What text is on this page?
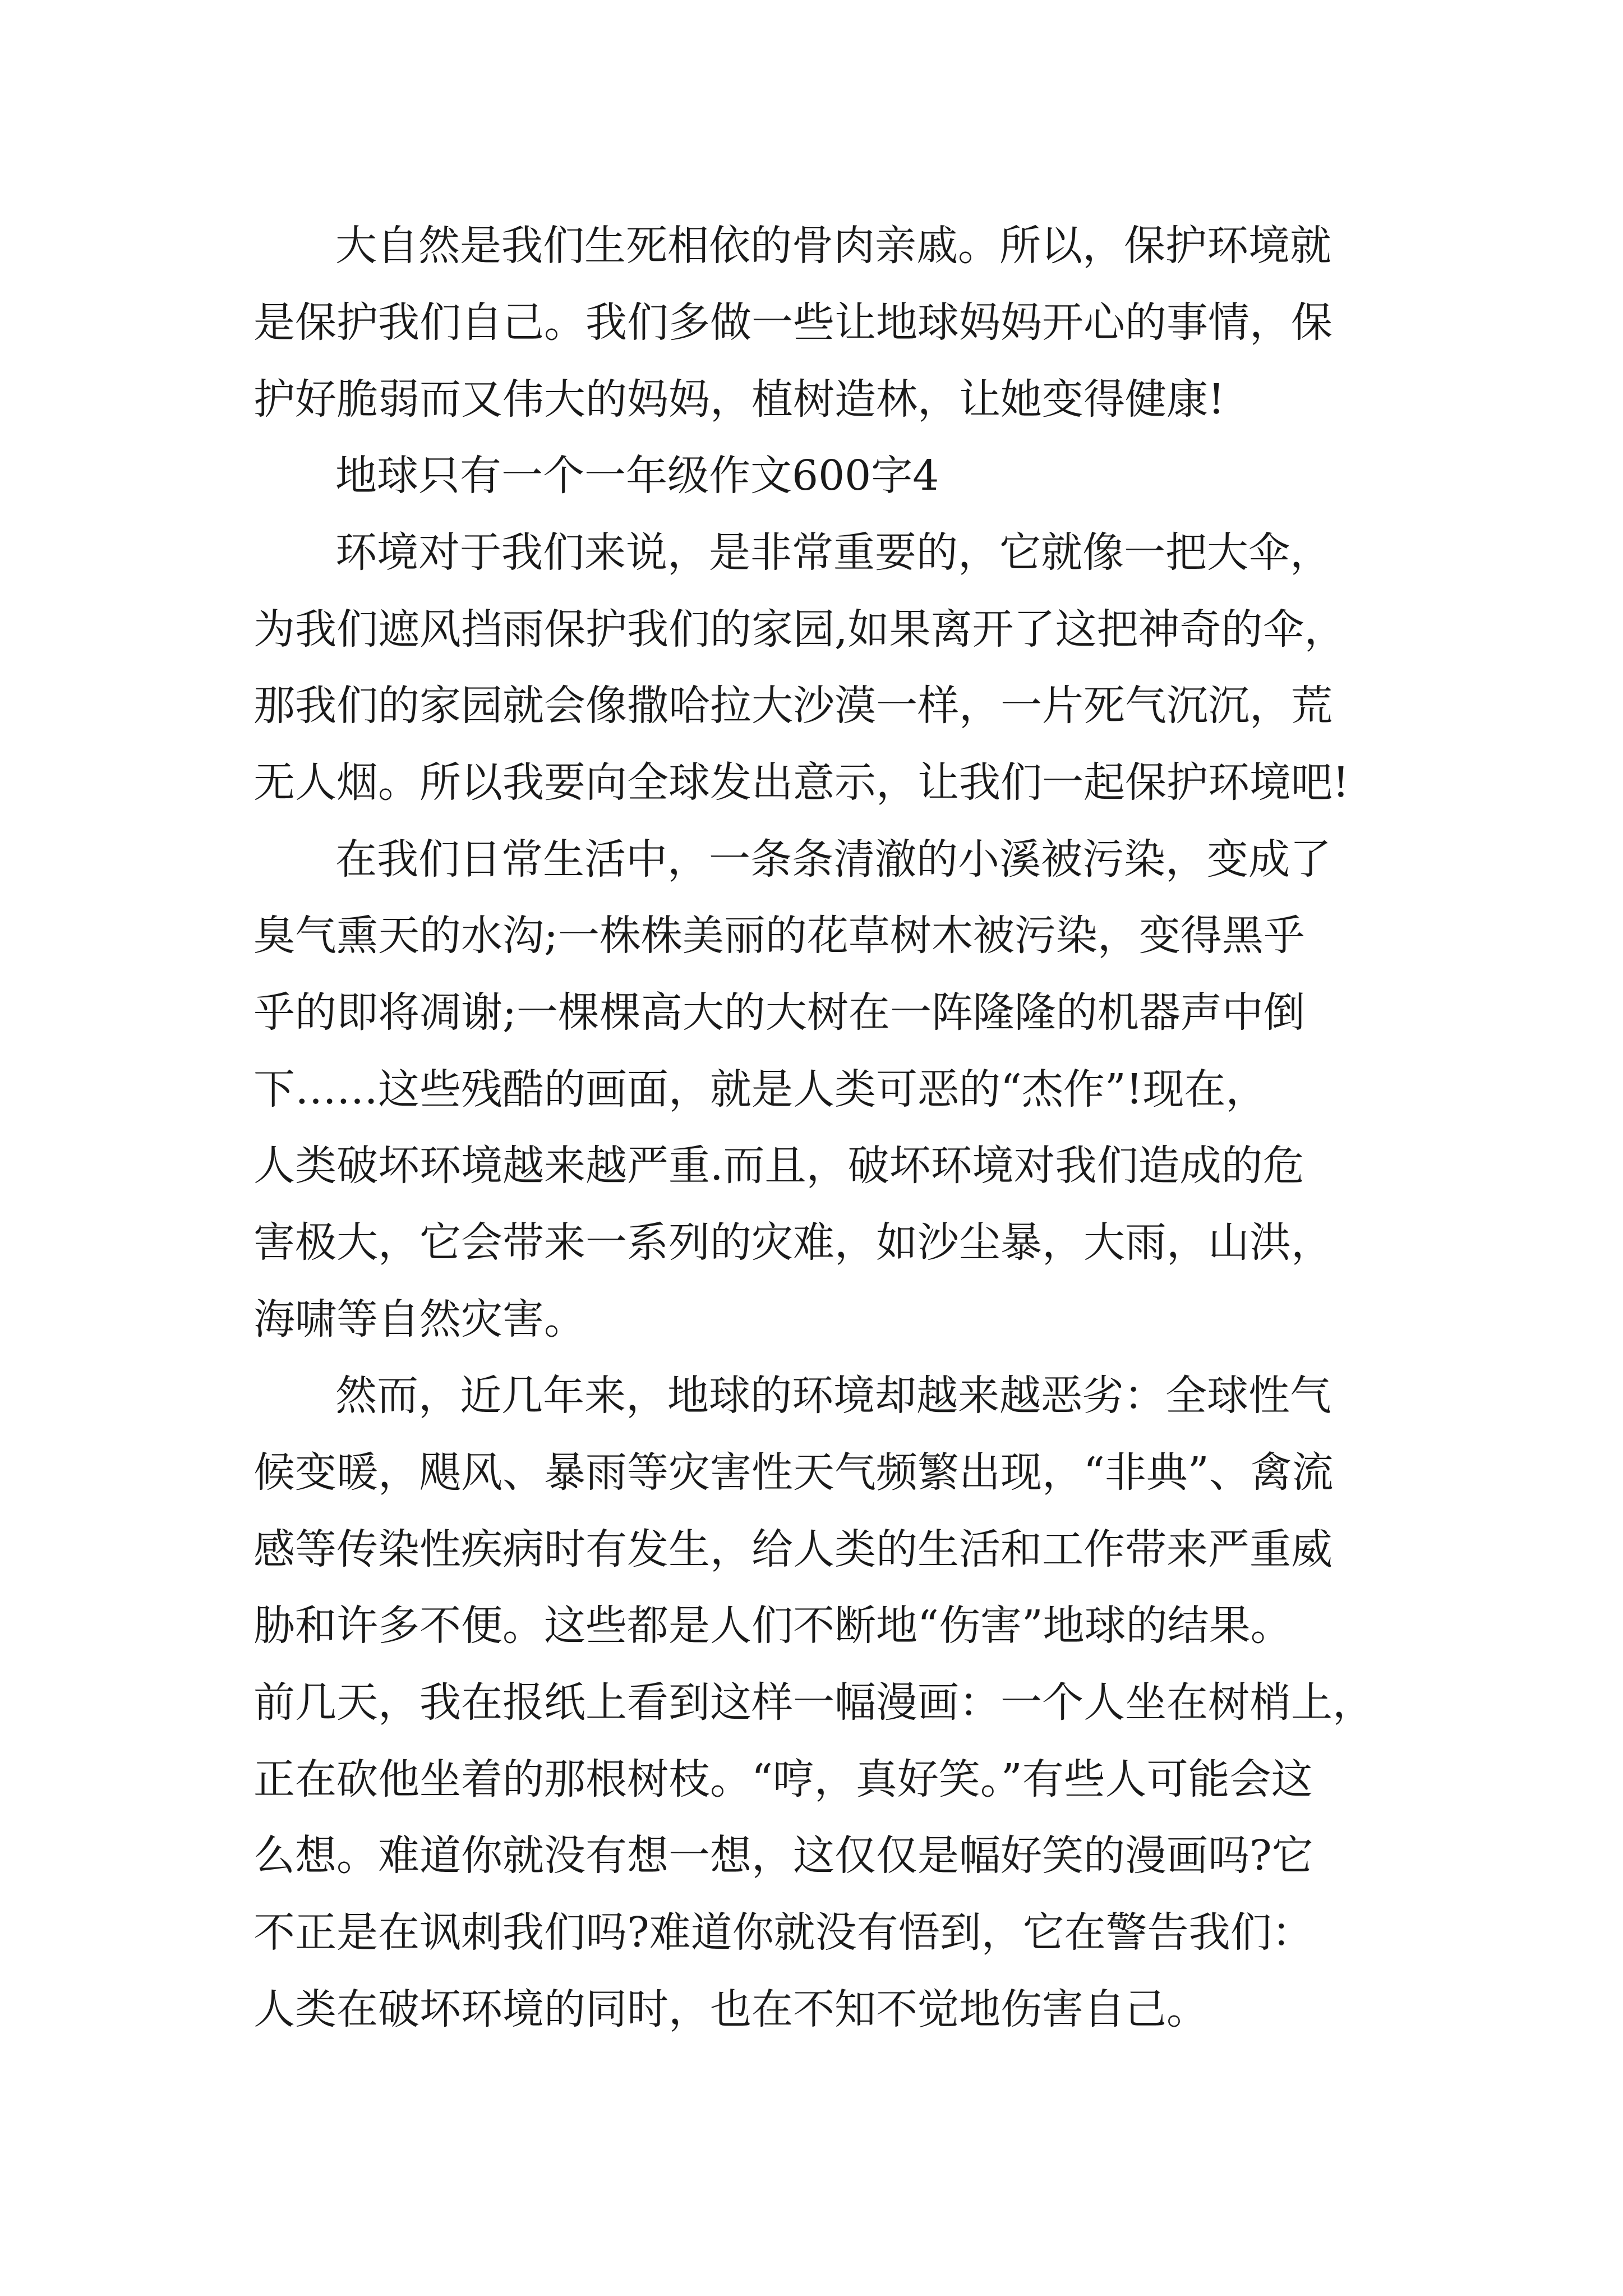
大自然是我们生死相依的骨肉亲戚。所以，保护环境就

是保护我们自己。我们多做一些让地球妈妈开心的事情，保

护好脆弱而又伟大的妈妈，植树造林，让她变得健康!

地球只有一个一年级作文600字4

环境对于我们来说，是非常重要的，它就像一把大伞，

为我们遮风挡雨保护我们的家园,如果离开了这把神奇的伞，

那我们的家园就会像撒哈拉大沙漠一样，一片死气沉沉，荒

无人烟。所以我要向全球发出意示，让我们一起保护环境吧!

在我们日常生活中，一条条清澈的小溪被污染，变成了

臭气熏天的水沟;一株株美丽的花草树木被污染，变得黑乎

乎的即将凋谢;一棵棵高大的大树在一阵隆隆的机器声中倒

下……这些残酷的画面，就是人类可恶的“杰作”!现在，

人类破坏环境越来越严重.而且，破坏环境对我们造成的危

害极大，它会带来一系列的灾难，如沙尘暴，大雨，山洪，

海啸等自然灾害。

然而，近几年来，地球的环境却越来越恶劣：全球性气

候变暖，飓风、暴雨等灾害性天气频繁出现，“非典”、禽流

感等传染性疾病时有发生，给人类的生活和工作带来严重威

胁和许多不便。这些都是人们不断地“伤害”地球的结果。

前几天，我在报纸上看到这样一幅漫画：一个人坐在树梢上，

正在砍他坐着的那根树枝。“哼，真好笑。”有些人可能会这

么想。难道你就没有想一想，这仅仅是幅好笑的漫画吗?它

不正是在讽刺我们吗?难道你就没有悟到，它在警告我们：

人类在破坏环境的同时，也在不知不觉地伤害自己。
